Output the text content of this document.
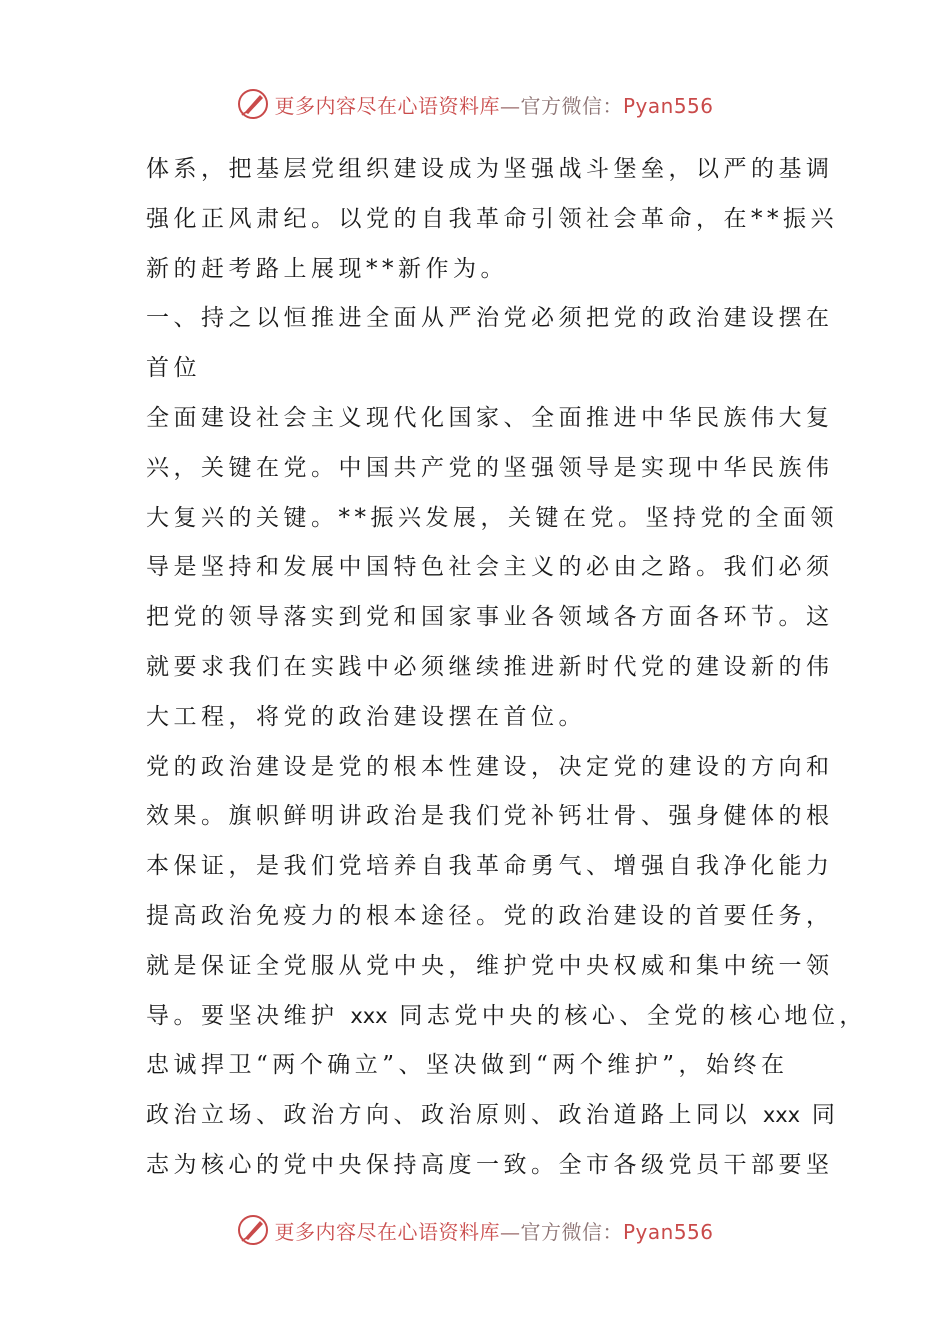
更多内容尽在心语资料库—官方微信：Pyan556
体系，把基层党组织建设成为坚强战斗堡垒，以严的基调
强化正风肃纪。以党的自我革命引领社会革命，在**振兴
新的赶考路上展现**新作为。
一、持之以恒推进全面从严治党必须把党的政治建设摆在
首位
全面建设社会主义现代化国家、全面推进中华民族伟大复
兴，关键在党。中国共产党的坚强领导是实现中华民族伟
大复兴的关键。**振兴发展，关键在党。坚持党的全面领
导是坚持和发展中国特色社会主义的必由之路。我们必须
把党的领导落实到党和国家事业各领域各方面各环节。这
就要求我们在实践中必须继续推进新时代党的建设新的伟
大工程，将党的政治建设摆在首位。
党的政治建设是党的根本性建设，决定党的建设的方向和
效果。旗帜鲜明讲政治是我们党补钙壮骨、强身健体的根
本保证，是我们党培养自我革命勇气、增强自我净化能力
提高政治免疫力的根本途径。党的政治建设的首要任务，
就是保证全党服从党中央，维护党中央权威和集中统一领
导。要坚决维护 xxx 同志党中央的核心、全党的核心地位，
忠诚捍卫“两个确立”、坚决做到“两个维护”，始终在
政治立场、政治方向、政治原则、政治道路上同以 xxx 同
志为核心的党中央保持高度一致。全市各级党员干部要坚
更多内容尽在心语资料库—官方微信：Pyan556
